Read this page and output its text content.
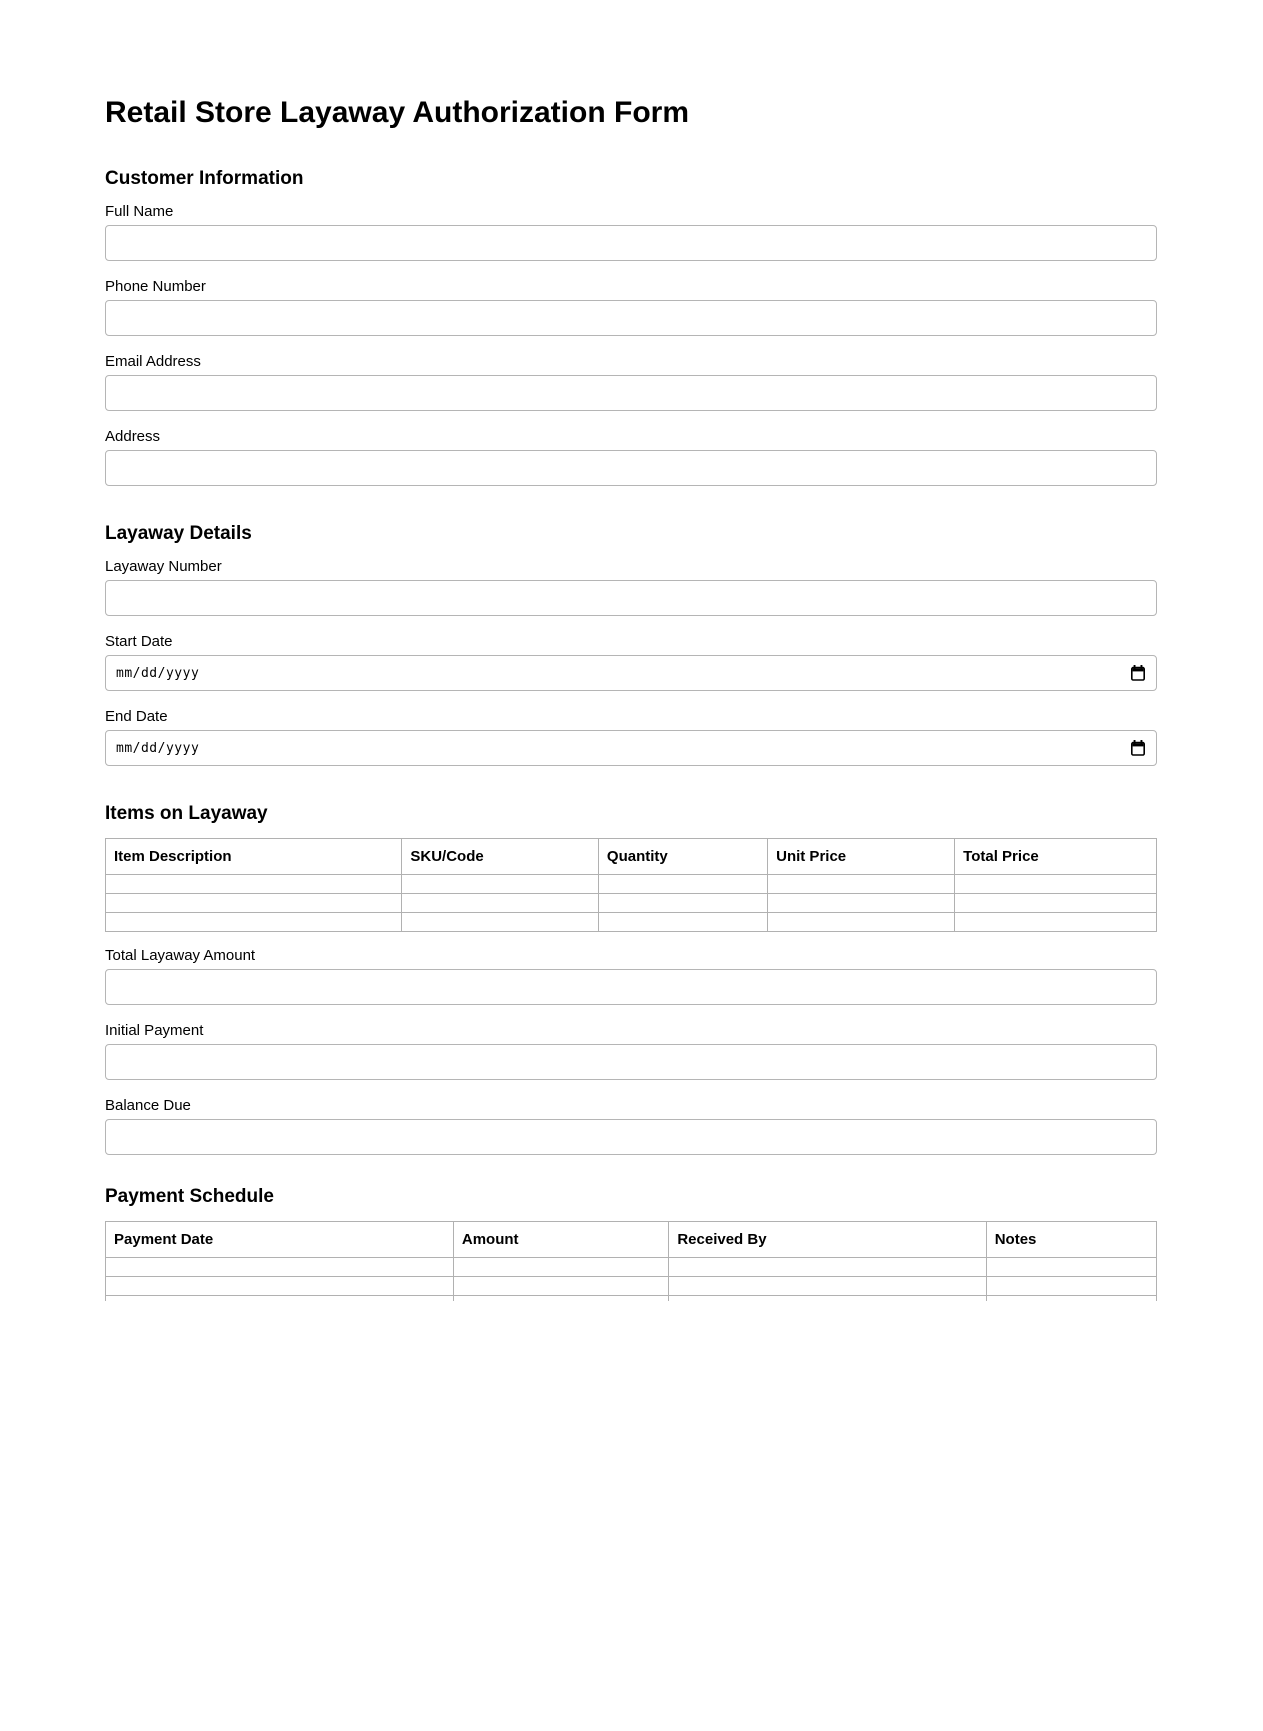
Retail Store Layaway Authorization Form
Customer Information
Full Name
Phone Number
Email Address
Address
Layaway Details
Layaway Number
Start Date
mm/dd/yyyy
End Date
mm/dd/yyyy
Items on Layaway
Item Description	SKU/Code	Quantity	Unit Price	Total Price

Total Layaway Amount
Initial Payment
Balance Due
Payment Schedule
Payment Date	Amount	Received By	Notes
